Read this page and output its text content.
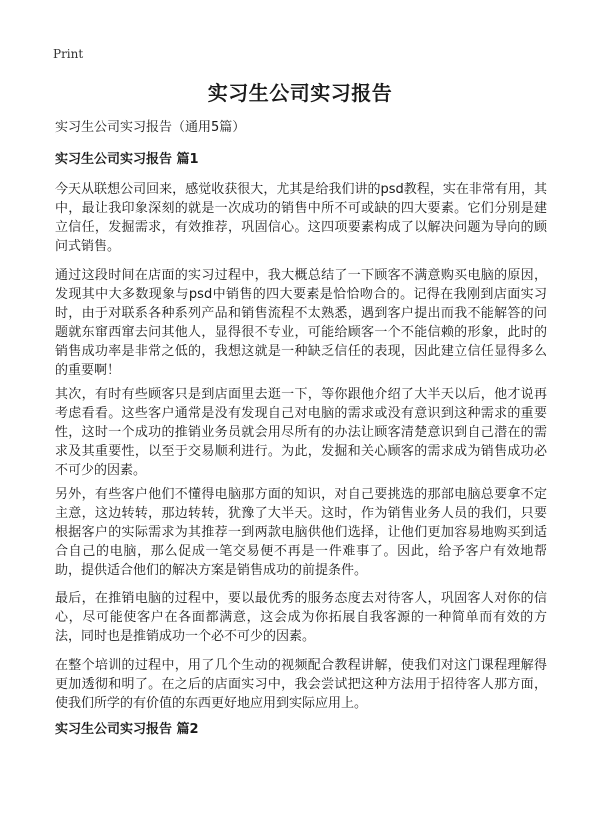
Print
实习生公司实习报告
实习生公司实习报告（通用5篇）
实习生公司实习报告 篇1

今天从联想公司回来，感觉收获很大，尤其是给我们讲的psd教程，实在非常有用，其中，最让我印象深刻的就是一次成功的销售中所不可或缺的四大要素。它们分别是建立信任，发掘需求，有效推荐，巩固信心。这四项要素构成了以解决问题为导向的顾问式销售。

通过这段时间在店面的实习过程中，我大概总结了一下顾客不满意购买电脑的原因，发现其中大多数现象与psd中销售的四大要素是恰恰吻合的。记得在我刚到店面实习时，由于对联系各种系列产品和销售流程不太熟悉，遇到客户提出而我不能解答的问题就东窜西窜去问其他人，显得很不专业，可能给顾客一个不能信赖的形象，此时的销售成功率是非常之低的，我想这就是一种缺乏信任的表现，因此建立信任显得多么的重要啊！

其次，有时有些顾客只是到店面里去逛一下，等你跟他介绍了大半天以后，他才说再考虑看看。这些客户通常是没有发现自己对电脑的需求或没有意识到这种需求的重要性，这时一个成功的推销业务员就会用尽所有的办法让顾客清楚意识到自己潜在的需求及其重要性，以至于交易顺利进行。为此，发掘和关心顾客的需求成为销售成功必不可少的因素。

另外，有些客户他们不懂得电脑那方面的知识，对自己要挑选的那部电脑总要拿不定主意，这边转转，那边转转，犹豫了大半天。这时，作为销售业务人员的我们，只要根据客户的实际需求为其推荐一到两款电脑供他们选择，让他们更加容易地购买到适合自己的电脑，那么促成一笔交易便不再是一件难事了。因此，给予客户有效地帮助，提供适合他们的解决方案是销售成功的前提条件。

最后，在推销电脑的过程中，要以最优秀的服务态度去对待客人，巩固客人对你的信心，尽可能使客户在各面都满意，这会成为你拓展自我客源的一种简单而有效的方法，同时也是推销成功一个必不可少的因素。

在整个培训的过程中，用了几个生动的视频配合教程讲解，使我们对这门课程理解得更加透彻和明了。在之后的店面实习中，我会尝试把这种方法用于招待客人那方面，使我们所学的有价值的东西更好地应用到实际应用上。

实习生公司实习报告 篇2
